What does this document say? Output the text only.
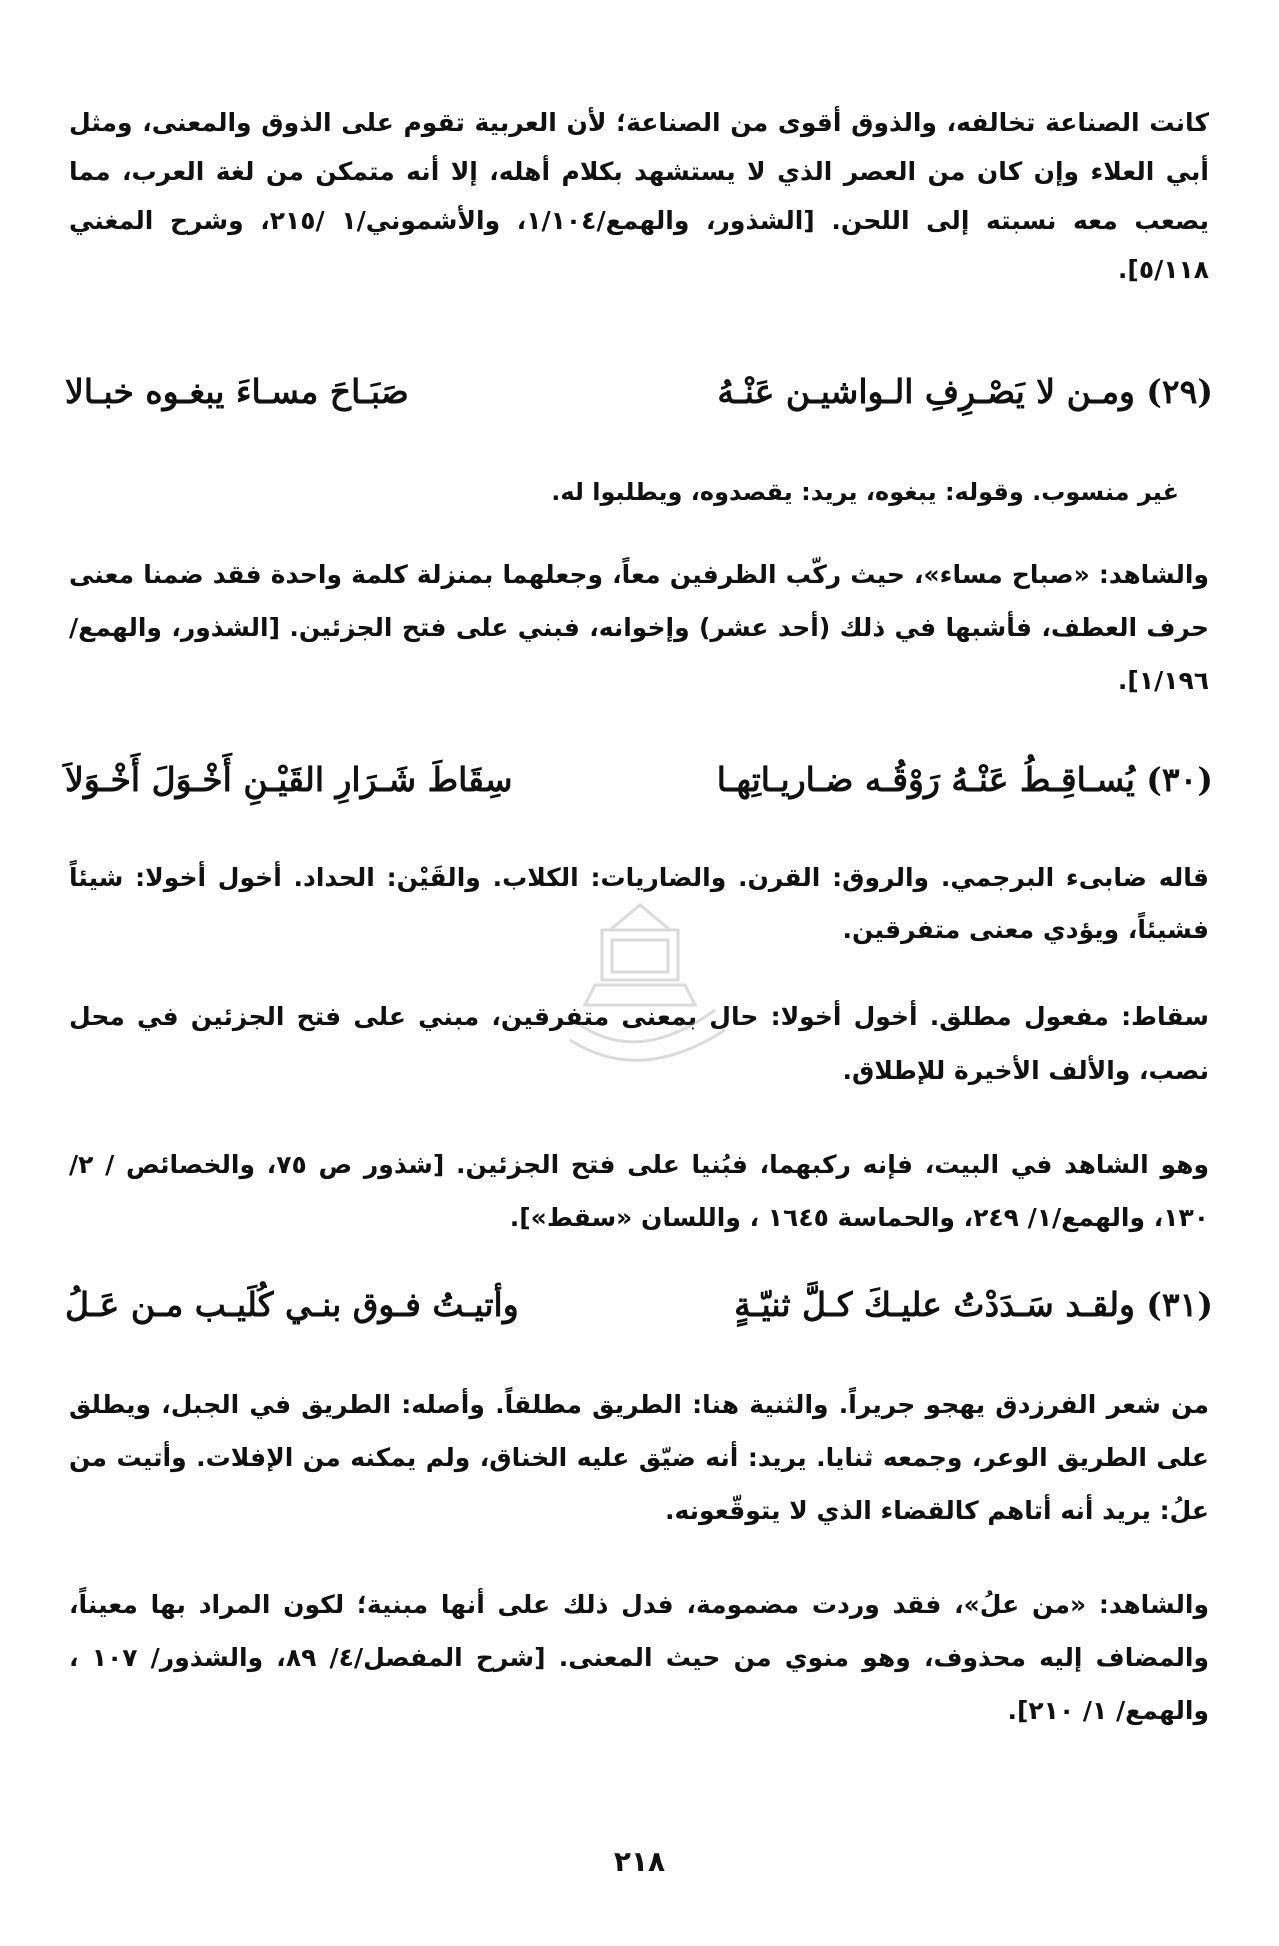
كانت الصناعة تخالفه، والذوق أقوى من الصناعة؛ لأن العربية تقوم على الذوق والمعنى، ومثل أبي العلاء وإن كان من العصر الذي لا يستشهد بكلام أهله، إلا أنه متمكن من لغة العرب، مما يصعب معه نسبته إلى اللحن. [الشذور، والهمع/١/١٠٤، والأشموني/١ /٢١٥، وشرح المغني ٥/١١٨].

(٢٩)
ومـن لا يَصْـرِفِ الـواشيـن عَنْـهُ
صَبَـاحَ مسـاءَ يبغـوه خبـالا

غير منسوب. وقوله: يبغوه، يريد: يقصدوه، ويطلبوا له.

والشاهد: «صباح مساء»، حيث ركّب الظرفين معاً، وجعلهما بمنزلة كلمة واحدة فقد ضمنا معنى حرف العطف، فأشبها في ذلك (أحد عشر) وإخوانه، فبني على فتح الجزئين. [الشذور، والهمع/١/١٩٦].

(٣٠)
يُسـاقِـطُ عَنْـهُ رَوْقُـه ضـاريـاتِهـا
سِقَاطَ شَـرَارِ القَيْـنِ أَخْـوَلَ أَخْـوَلاَ

قاله ضابىء البرجمي. والروق: القرن. والضاريات: الكلاب. والقَيْن: الحداد. أخول أخولا: شيئاً فشيئاً، ويؤدي معنى متفرقين.

سقاط: مفعول مطلق. أخول أخولا: حال بمعنى متفرقين، مبني على فتح الجزئين في محل نصب، والألف الأخيرة للإطلاق.

وهو الشاهد في البيت، فإنه ركبهما، فبُنيا على فتح الجزئين. [شذور ص ٧٥، والخصائص / ٢/ ١٣٠، والهمع/١/ ٢٤٩، والحماسة ١٦٤٥ ، واللسان «سقط»].

(٣١)
ولقـد سَـدَدْتُ عليـكَ كـلَّ ثنيّـةٍ
وأتيـتُ فـوق بنـي كُلَيـب مـن عَـلُ

من شعر الفرزدق يهجو جريراً. والثنية هنا: الطريق مطلقاً. وأصله: الطريق في الجبل، ويطلق على الطريق الوعر، وجمعه ثنايا. يريد: أنه ضيّق عليه الخناق، ولم يمكنه من الإفلات. وأتيت من علُ: يريد أنه أتاهم كالقضاء الذي لا يتوقّعونه.

والشاهد: «من علُ»، فقد وردت مضمومة، فدل ذلك على أنها مبنية؛ لكون المراد بها معيناً، والمضاف إليه محذوف، وهو منوي من حيث المعنى. [شرح المفصل/٤/ ٨٩، والشذور/ ١٠٧ ، والهمع/ ١/ ٢١٠].

٢١٨
